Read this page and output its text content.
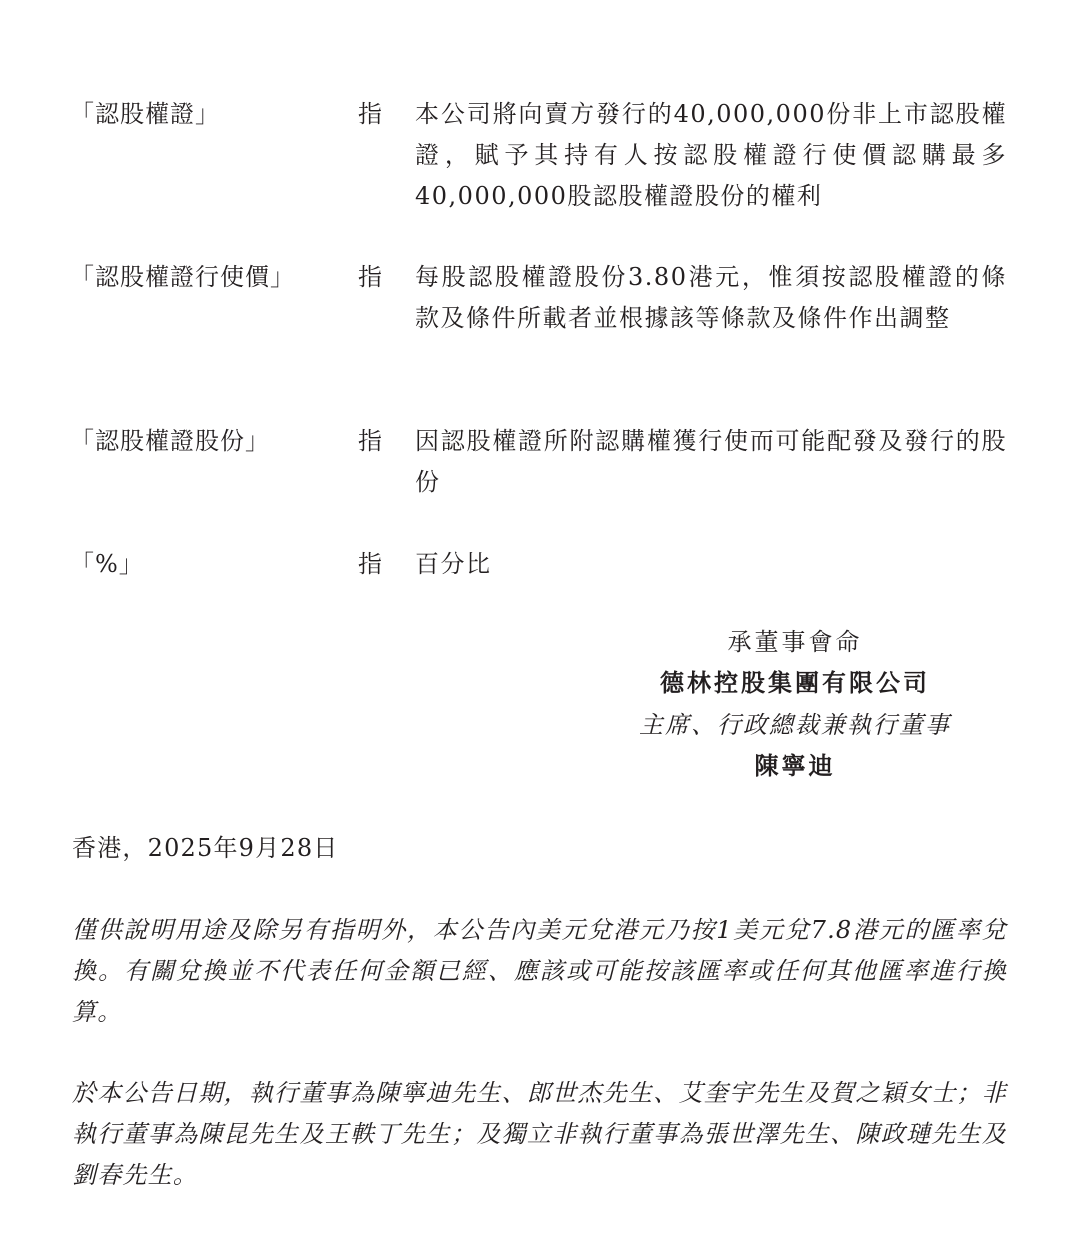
「認股權證」	指 本公司將向賣方發行的40,000,000份非上市認股權證，賦予其持有人按認股權證行使價認購最多40,000,000股認股權證股份的權利
「認股權證行使價」	指 每股認股權證股份3.80港元，惟須按認股權證的條款及條件所載者並根據該等條款及條件作出調整
「認股權證股份」	指 因認股權證所附認購權獲行使而可能配發及發行的股份
「%」	指 百分比
承董事會命
德林控股集團有限公司
主席、行政總裁兼執行董事
陳寧迪
香港，2025年9月28日
僅供說明用途及除另有指明外，本公告內美元兌港元乃按1美元兌7.8港元的匯率兌換。有關兌換並不代表任何金額已經、應該或可能按該匯率或任何其他匯率進行換算。
於本公告日期，執行董事為陳寧迪先生、郎世杰先生、艾奎宇先生及賀之穎女士；非執行董事為陳昆先生及王軼丁先生；及獨立非執行董事為張世澤先生、陳政璉先生及劉春先生。
